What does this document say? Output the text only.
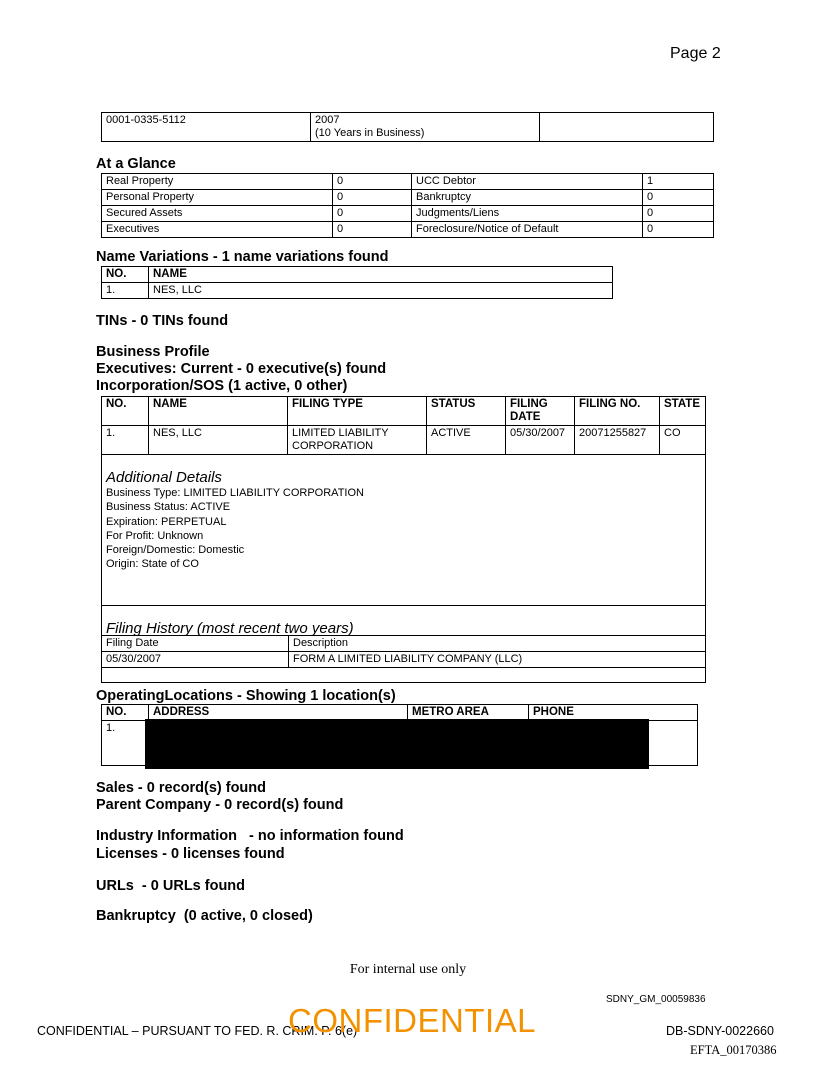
Page 2
0001-0335-5112	2007
(10 Years in Business)

At a Glance
Real Property	0	UCC Debtor	1
Personal Property	0	Bankruptcy	0
Secured Assets	0	Judgments/Liens	0
Executives	0	Foreclosure/Notice of Default	0
Name Variations - 1 name variations found
NO.	NAME
1.	NES, LLC
TINs - 0 TINs found
Business Profile
Executives: Current - 0 executive(s) found
Incorporation/SOS (1 active, 0 other)
NO.	NAME	FILING TYPE	STATUS	FILING DATE	FILING NO.	STATE
1.	NES, LLC	LIMITED LIABILITY CORPORATION	ACTIVE	05/30/2007	20071255827	CO

Additional Details
Business Type: LIMITED LIABILITY CORPORATION
Business Status: ACTIVE
Expiration: PERPETUAL
For Profit: Unknown
Foreign/Domestic: Domestic
Origin: State of CO

Filing History (most recent two years)
Filing Date	Description
05/30/2007	FORM A LIMITED LIABILITY COMPANY (LLC)

OperatingLocations - Showing 1 location(s)
NO.	ADDRESS	METRO AREA	PHONE
1.			
Sales - 0 record(s) found
Parent Company - 0 record(s) found
Industry Information   - no information found
Licenses - 0 licenses found
URLs  - 0 URLs found
Bankruptcy  (0 active, 0 closed)
For internal use only
SDNY_GM_00059836
CONFIDENTIAL – PURSUANT TO FED. R. CRIM. P. 6(e)
CONFIDENTIAL	DB-SDNY-0022660
EFTA_00170386
